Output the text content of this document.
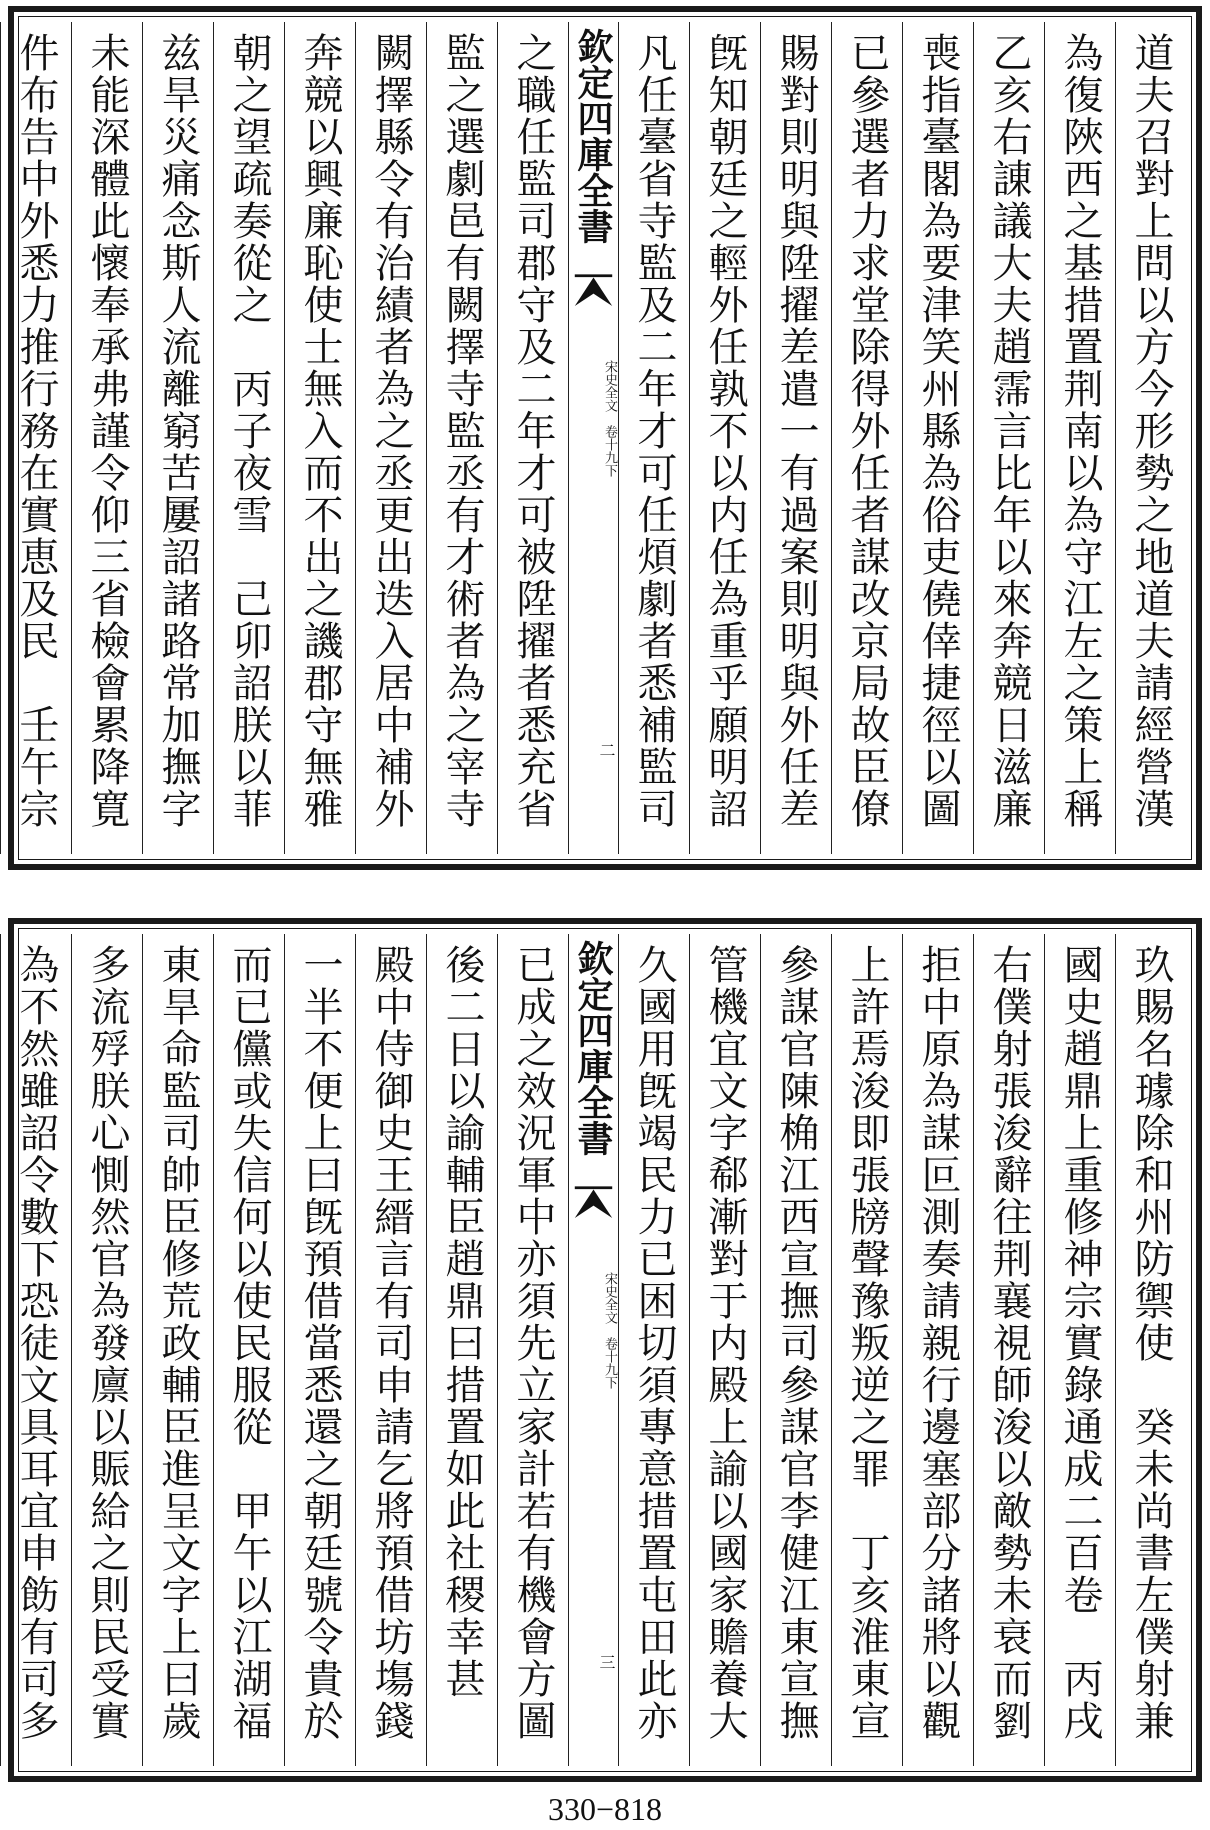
道夫召對上問以方今形勢之地道夫請經營漢
為復陜西之基措置荆南以為守江左之策上稱
乙亥右諌議大夫趙霈言比年以來奔競日滋廉
喪指臺閣為要津笑州縣為俗吏僥倖捷徑以圖
已參選者力求堂除得外任者謀改京局故臣僚
賜對則明與陞擢差遣一有過案則明與外任差
旣知朝廷之輕外任孰不以内任為重乎願明詔
凡任臺省寺監及二年才可任煩劇者悉補監司
欽定四庫全書
宋史全文　卷十九下
二
之職任監司郡守及二年才可被陞擢者悉充省
監之選劇邑有闕擇寺監丞有才術者為之宰寺
闕擇縣令有治績者為之丞更出迭入居中補外
奔競以興廉恥使士無入而不出之譏郡守無雅
朝之望疏奏從之　丙子夜雪　己卯詔朕以菲
兹旱災痛念斯人流離窮苦屢詔諸路常加撫字
未能深體此懷奉承弗謹令仰三省檢會累降寛
件布告中外悉力推行務在實恵及民　壬午宗
玖賜名璩除和州防禦使　癸未尚書左僕射兼
國史趙鼎上重修神宗實錄通成二百卷　丙戌
右僕射張浚辭往荆襄視師浚以敵勢未衰而劉
拒中原為謀叵測奏請親行邊塞部分諸將以觀
上許焉浚即張牓聲豫叛逆之罪　丁亥淮東宣
參謀官陳桷江西宣撫司參謀官李健江東宣撫
管機宜文字郗漸對于内殿上諭以國家贍養大
久國用旣竭民力已困切須專意措置屯田此亦
欽定四庫全書
宋史全文　卷十九下
三
已成之效況軍中亦須先立家計若有機會方圖
後二日以諭輔臣趙鼎曰措置如此社稷幸甚　
殿中侍御史王縉言有司申請乞將預借坊塲錢
一半不便上曰旣預借當悉還之朝廷號令貴於
而已儻或失信何以使民服從　甲午以江湖福
東旱命監司帥臣修荒政輔臣進呈文字上曰歲
多流殍朕心惻然官為發廪以賑給之則民受實
為不然雖詔令數下恐徒文具耳宜申飭有司多
330−818
